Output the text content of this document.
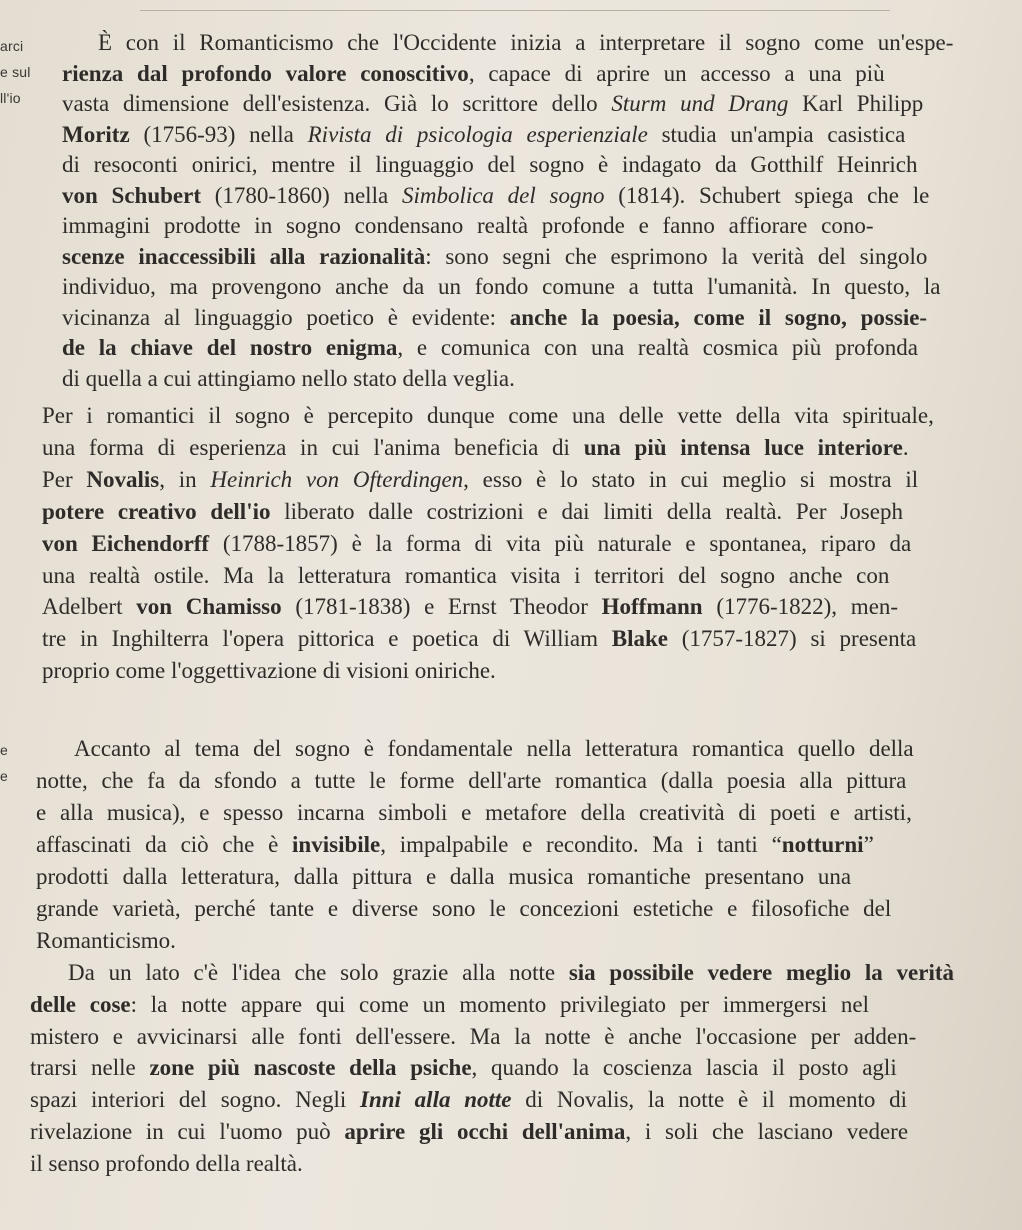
arci
e sul
ll'io
e
e
È con il Romanticismo che l'Occidente inizia a interpretare il sogno come un'espe-
rienza dal profondo valore conoscitivo, capace di aprire un accesso a una più
vasta dimensione dell'esistenza. Già lo scrittore dello Sturm und Drang Karl Philipp
Moritz (1756-93) nella Rivista di psicologia esperienziale studia un'ampia casistica
di resoconti onirici, mentre il linguaggio del sogno è indagato da Gotthilf Heinrich
von Schubert (1780-1860) nella Simbolica del sogno (1814). Schubert spiega che le
immagini prodotte in sogno condensano realtà profonde e fanno affiorare cono-
scenze inaccessibili alla razionalità: sono segni che esprimono la verità del singolo
individuo, ma provengono anche da un fondo comune a tutta l'umanità. In questo, la
vicinanza al linguaggio poetico è evidente: anche la poesia, come il sogno, possie-
de la chiave del nostro enigma, e comunica con una realtà cosmica più profonda
di quella a cui attingiamo nello stato della veglia.
Per i romantici il sogno è percepito dunque come una delle vette della vita spirituale,
una forma di esperienza in cui l'anima beneficia di una più intensa luce interiore.
Per Novalis, in Heinrich von Ofterdingen, esso è lo stato in cui meglio si mostra il
potere creativo dell'io liberato dalle costrizioni e dai limiti della realtà. Per Joseph
von Eichendorff (1788-1857) è la forma di vita più naturale e spontanea, riparo da
una realtà ostile. Ma la letteratura romantica visita i territori del sogno anche con
Adelbert von Chamisso (1781-1838) e Ernst Theodor Hoffmann (1776-1822), men-
tre in Inghilterra l'opera pittorica e poetica di William Blake (1757-1827) si presenta
proprio come l'oggettivazione di visioni oniriche.
Accanto al tema del sogno è fondamentale nella letteratura romantica quello della
notte, che fa da sfondo a tutte le forme dell'arte romantica (dalla poesia alla pittura
e alla musica), e spesso incarna simboli e metafore della creatività di poeti e artisti,
affascinati da ciò che è invisibile, impalpabile e recondito. Ma i tanti “notturni”
prodotti dalla letteratura, dalla pittura e dalla musica romantiche presentano una
grande varietà, perché tante e diverse sono le concezioni estetiche e filosofiche del
Romanticismo.
Da un lato c'è l'idea che solo grazie alla notte sia possibile vedere meglio la verità
delle cose: la notte appare qui come un momento privilegiato per immergersi nel
mistero e avvicinarsi alle fonti dell'essere. Ma la notte è anche l'occasione per adden-
trarsi nelle zone più nascoste della psiche, quando la coscienza lascia il posto agli
spazi interiori del sogno. Negli Inni alla notte di Novalis, la notte è il momento di
rivelazione in cui l'uomo può aprire gli occhi dell'anima, i soli che lasciano vedere
il senso profondo della realtà.
